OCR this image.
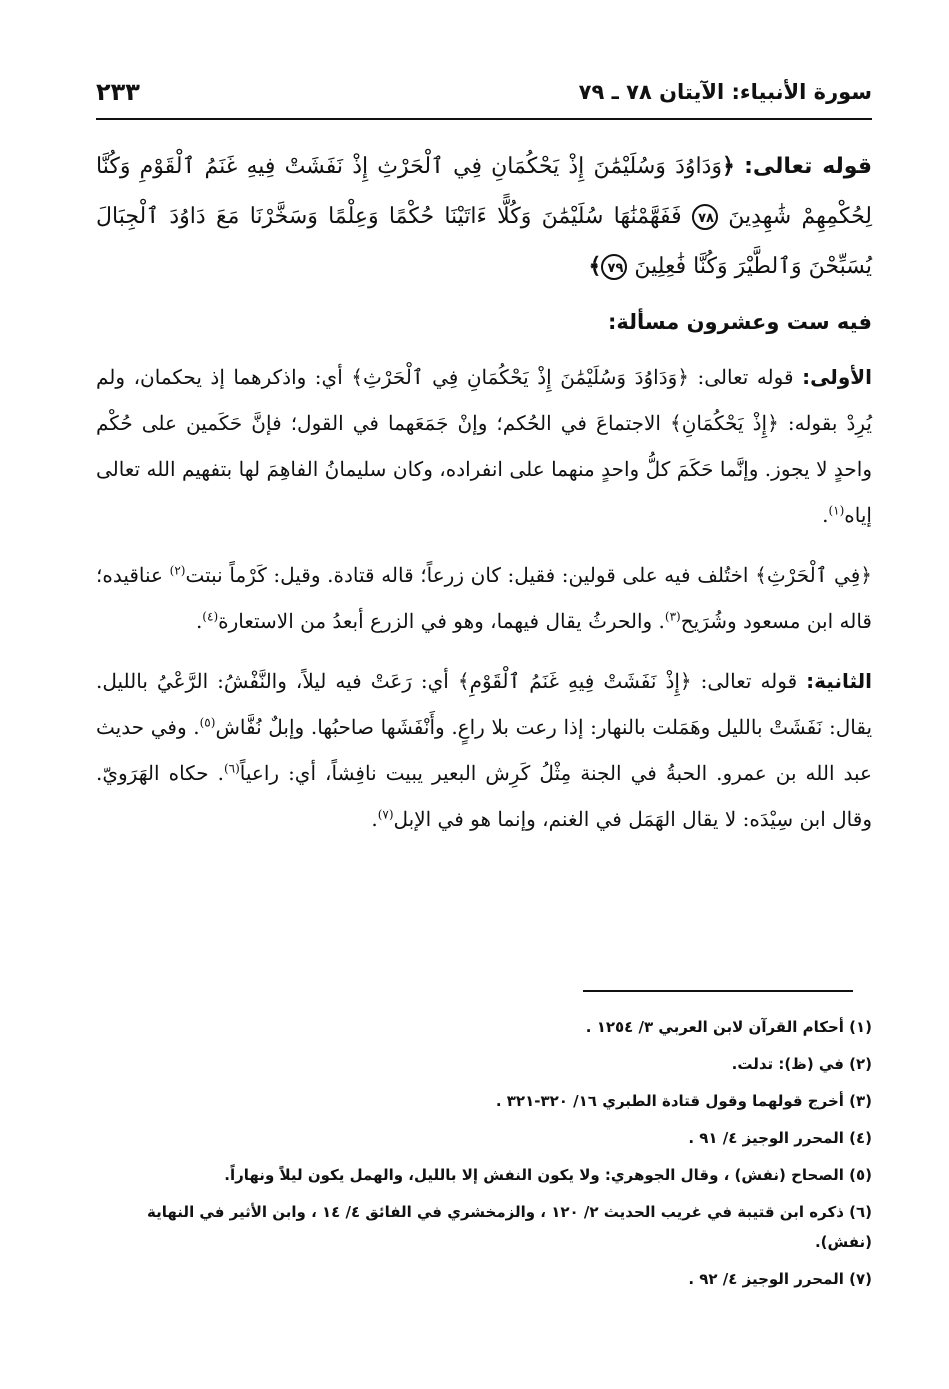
سورة الأنبياء: الآيتان ٧٨ ـ ٧٩
٢٣٣

قوله تعالى: ﴿وَدَاوُدَ وَسُلَيْمَٰنَ إِذْ يَحْكُمَانِ فِي ٱلْحَرْثِ إِذْ نَفَشَتْ فِيهِ غَنَمُ ٱلْقَوْمِ وَكُنَّا لِحُكْمِهِمْ شَٰهِدِينَ ٧٨ فَفَهَّمْنَٰهَا سُلَيْمَٰنَ وَكُلًّا ءَاتَيْنَا حُكْمًا وَعِلْمًا وَسَخَّرْنَا مَعَ دَاوُدَ ٱلْجِبَالَ يُسَبِّحْنَ وَٱلطَّيْرَ وَكُنَّا فَٰعِلِينَ ٧٩﴾

فيه ست وعشرون مسألة:

الأولى: قوله تعالى: ﴿وَدَاوُدَ وَسُلَيْمَٰنَ إِذْ يَحْكُمَانِ فِي ٱلْحَرْثِ﴾ أي: واذكرهما إذ يحكمان، ولم يُرِدْ بقوله: ﴿إِذْ يَحْكُمَانِ﴾ الاجتماعَ في الحُكم؛ وإنْ جَمَعَهما في القول؛ فإنَّ حَكَمين على حُكْم واحدٍ لا يجوز. وإنَّما حَكَمَ كلُّ واحدٍ منهما على انفراده، وكان سليمانُ الفاهِمَ لها بتفهيم الله تعالى إياه$^{(١)}$.

﴿فِي ٱلْحَرْثِ﴾ اختُلف فيه على قولين: فقيل: كان زرعاً؛ قاله قتادة. وقيل: كَرْماً نبتت$^{(٢)}$ عناقيده؛ قاله ابن مسعود وشُرَيح$^{(٣)}$. والحرثُ يقال فيهما، وهو في الزرع أبعدُ من الاستعارة$^{(٤)}$.

الثانية: قوله تعالى: ﴿إِذْ نَفَشَتْ فِيهِ غَنَمُ ٱلْقَوْمِ﴾ أي: رَعَتْ فيه ليلاً، والنَّفْشُ: الرَّعْيُ بالليل. يقال: نَفَشَتْ بالليل وهَمَلت بالنهار: إذا رعت بلا راعٍ. وأَنْفَشَها صاحبُها. وإبلٌ نُفَّاش$^{(٥)}$. وفي حديث عبد الله بن عمرو. الحبةُ في الجنة مِثْلُ كَرِش البعير يبيت نافِشاً، أي: راعياً$^{(٦)}$. حكاه الهَرَويّ. وقال ابن سِيْدَه: لا يقال الهَمَل في الغنم، وإنما هو في الإبل$^{(٧)}$.

(١) أحكام القرآن لابن العربي ٣/ ١٢٥٤ .

(٢) في (ظ): تدلت.

(٣) أخرج قولهما وقول قتادة الطبري ١٦/ ٣٢٠-٣٢١ .

(٤) المحرر الوجيز ٤/ ٩١ .

(٥) الصحاح (نفش) ، وقال الجوهري: ولا يكون النفش إلا بالليل، والهمل يكون ليلاً ونهاراً.

(٦) ذكره ابن قتيبة في غريب الحديث ٢/ ١٢٠ ، والزمخشري في الفائق ٤/ ١٤ ، وابن الأثير في النهاية (نفش).

(٧) المحرر الوجيز ٤/ ٩٢ .
